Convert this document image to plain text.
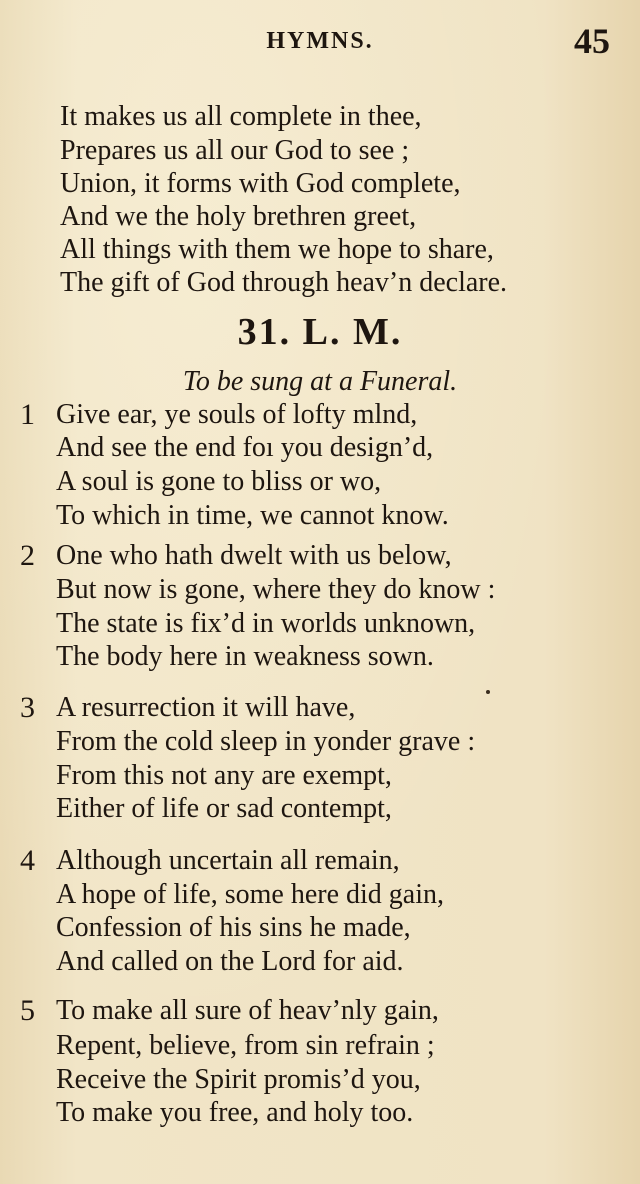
HYMNS.	45
It makes us all complete in thee,
Prepares us all our God to see ;
Union, it forms with God complete,
And we the holy brethren greet,
All things with them we hope to share,
The gift of God through heav’n declare.
31. L. M.
To be sung at a Funeral.
1 Give ear, ye souls of lofty mlnd,
And see the end foı you design’d,
A soul is gone to bliss or wo,
To which in time, we cannot know.
2 One who hath dwelt with us below,
But now is gone, where they do know :
The state is fix’d in worlds unknown,
The body here in weakness sown.
3 A resurrection it will have,
From the cold sleep in yonder grave :
From this not any are exempt,
Either of life or sad contempt,
4 Although uncertain all remain,
A hope of life, some here did gain,
Confession of his sins he made,
And called on the Lord for aid.
5 To make all sure of heav’nly gain,
Repent, believe, from sin refrain ;
Receive the Spirit promis’d you,
To make you free, and holy too.
